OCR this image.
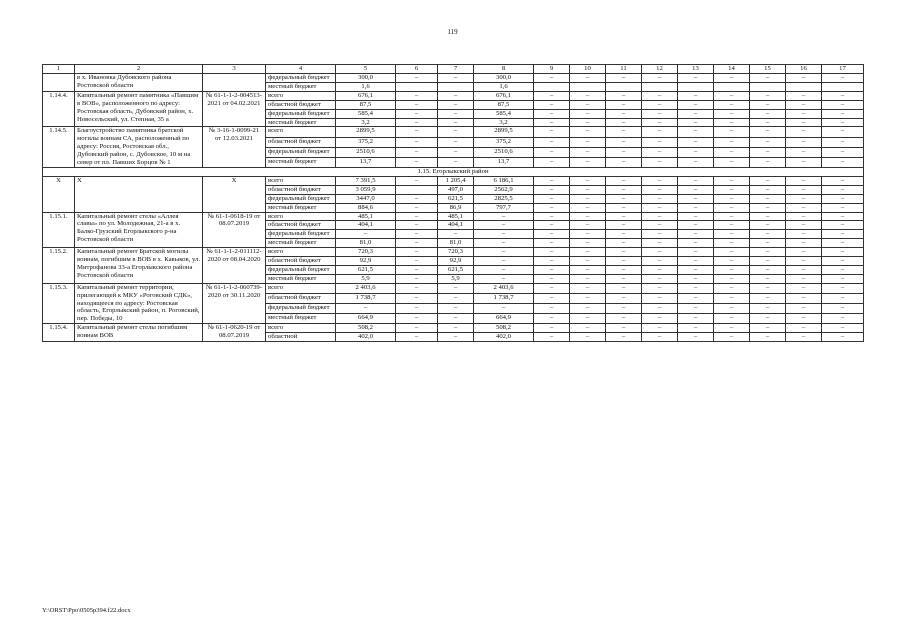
119
1	2	3	4	5	6	7	8	9	10	11	12	13	14	15	16	17
	в х. Ивановка Дубовского района Ростовской области		федеральный бюджет	300,0	–	–	300,0	–	–	–	–	–	–	–	–	–
			местный бюджет	1,6			1,6									
1.14.4.	Капитальный ремонт памятника «Павшим в ВОВ», расположенного по адресу: Ростовская область, Дубовский район, х. Новосельский, ул. Степная, 35 а	№ 61-1-1-2-004513-2021 от 04.02.2021	всего	676,1	–	–	676,1	–	–	–	–	–	–	–	–	–
			областной бюджет	87,5	–	–	87,5	–	–	–	–	–	–	–	–	–
			федеральный бюджет	585,4	–	–	585,4	–	–	–	–	–	–	–	–	–
			местный бюджет	3,2	–	–	3,2	–	–	–	–	–	–	–	–	–
1.14.5.	Благоустройство памятника братской могилы воинам СА, расположенный по адресу: Россия, Ростовская обл., Дубовский район, с. Дубовское, 10 м на север от пл. Павших Борцов № 1	№ 3-16-1-0099-21 от 12.03.2021	всего	2899,5	–	–	2899,5	–	–	–	–	–	–	–	–	–
			областной бюджет	375,2	–	–	375,2	–	–	–	–	–	–	–	–	–
			федеральный бюджет	2510,6	–	–	2510,6	–	–	–	–	–	–	–	–	–
			местный бюджет	13,7	–	–	13,7	–	–	–	–	–	–	–	–	–
1.15. Егорлыкский район																
Х	Х	Х	всего	7 391,5	–	1 205,4	6 186,1	–	–	–	–	–	–	–	–	–
			областной бюджет	3 059,9		497,0	2562,9	–	–	–	–	–	–	–	–	–
			федеральный бюджет	3447,0	–	621,5	2825,5	–	–	–	–	–	–	–	–	–
			местный бюджет	884,6	–	86,9	797,7	–	–	–	–	–	–	–	–	–
1.15.1.	Капитальный ремонт стелы «Аллея славы» по ул. Молодежная, 21-а в х. Балко-Грузский Егорлыкского р-на Ростовской области	№ 61-1-0618-19 от 08.07.2019	всего	485,1	–	485,1	–	–	–	–	–	–	–	–	–	–
			областной бюджет	404,1	–	404,1	–	–	–	–	–	–	–	–	–	–
			федеральный бюджет	–	–	–	–	–	–	–	–	–	–	–	–	–
			местный бюджет	81,0	–	81,0	–	–	–	–	–	–	–	–	–	–
1.15.2.	Капитальный ремонт Братской могилы воинам, погибшим в ВОВ в х. Кавыков, ул. Митрофанова 33-а Егорлыкского района Ростовской области	№ 61-1-1-2-011112-2020 от 08.04.2020	всего	720,3	–	720,3	–	–	–	–	–	–	–	–	–	–
			областной бюджет	92,9	–	92,9	–	–	–	–	–	–	–	–	–	–
			федеральный бюджет	621,5	–	621,5	–	–	–	–	–	–	–	–	–	–
			местный бюджет	5,9	–	5,9	–	–	–	–	–	–	–	–	–	–
1.15.3.	Капитальный ремонт территории, прилегающей к МКУ «Роговский СДК», находящееся по адресу: Ростовская область, Егорлыкский район, п. Роговский, пер. Победы, 10	№ 61-1-1-2-060739-2020 от 30.11.2020	всего	2 403,6	–	–	2 403,6	–	–	–	–	–	–	–	–	–
			областной бюджет	1 738,7	–	–	1 738,7	–	–	–	–	–	–	–	–	–
			федеральный бюджет	–	–	–	–	–	–	–	–	–	–	–	–	–
			местный бюджет	664,9	–	–	664,9	–	–	–	–	–	–	–	–	–
1.15.4.	Капитальный ремонт стелы погибшим воинам ВОВ	№ 61-1-0620-19 от 08.07.2019	всего	508,2	–	–	508,2	–	–	–	–	–	–	–	–	–
			областной	402,0	–	–	402,0	–	–	–	–	–	–	–	–	–
Y:\ORST\Ppo\0505p394.f22.docx
